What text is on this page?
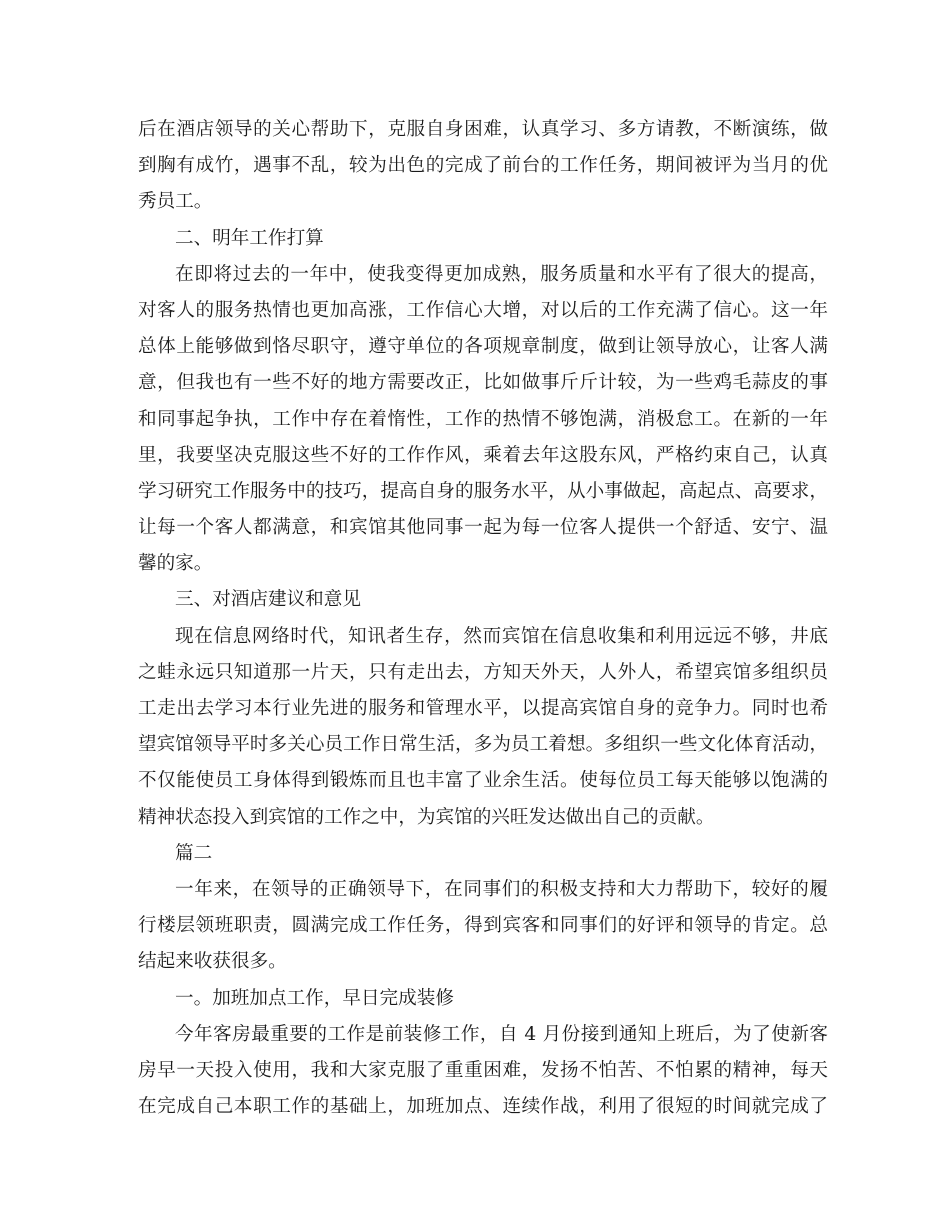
后在酒店领导的关心帮助下，克服自身困难，认真学习、多方请教，不断演练，做
到胸有成竹，遇事不乱，较为出色的完成了前台的工作任务，期间被评为当月的优
秀员工。
二、明年工作打算
在即将过去的一年中，使我变得更加成熟，服务质量和水平有了很大的提高，
对客人的服务热情也更加高涨，工作信心大增，对以后的工作充满了信心。这一年
总体上能够做到恪尽职守，遵守单位的各项规章制度，做到让领导放心，让客人满
意，但我也有一些不好的地方需要改正，比如做事斤斤计较，为一些鸡毛蒜皮的事
和同事起争执，工作中存在着惰性，工作的热情不够饱满，消极怠工。在新的一年
里，我要坚决克服这些不好的工作作风，乘着去年这股东风，严格约束自己，认真
学习研究工作服务中的技巧，提高自身的服务水平，从小事做起，高起点、高要求，
让每一个客人都满意，和宾馆其他同事一起为每一位客人提供一个舒适、安宁、温
馨的家。
三、对酒店建议和意见
现在信息网络时代，知讯者生存，然而宾馆在信息收集和利用远远不够，井底
之蛙永远只知道那一片天，只有走出去，方知天外天，人外人，希望宾馆多组织员
工走出去学习本行业先进的服务和管理水平，以提高宾馆自身的竞争力。同时也希
望宾馆领导平时多关心员工作日常生活，多为员工着想。多组织一些文化体育活动，
不仅能使员工身体得到锻炼而且也丰富了业余生活。使每位员工每天能够以饱满的
精神状态投入到宾馆的工作之中，为宾馆的兴旺发达做出自己的贡献。
篇二
一年来，在领导的正确领导下，在同事们的积极支持和大力帮助下，较好的履
行楼层领班职责，圆满完成工作任务，得到宾客和同事们的好评和领导的肯定。总
结起来收获很多。
一。加班加点工作，早日完成装修
今年客房最重要的工作是前装修工作，自 4 月份接到通知上班后，为了使新客
房早一天投入使用，我和大家克服了重重困难，发扬不怕苦、不怕累的精神，每天
在完成自己本职工作的基础上，加班加点、连续作战，利用了很短的时间就完成了
